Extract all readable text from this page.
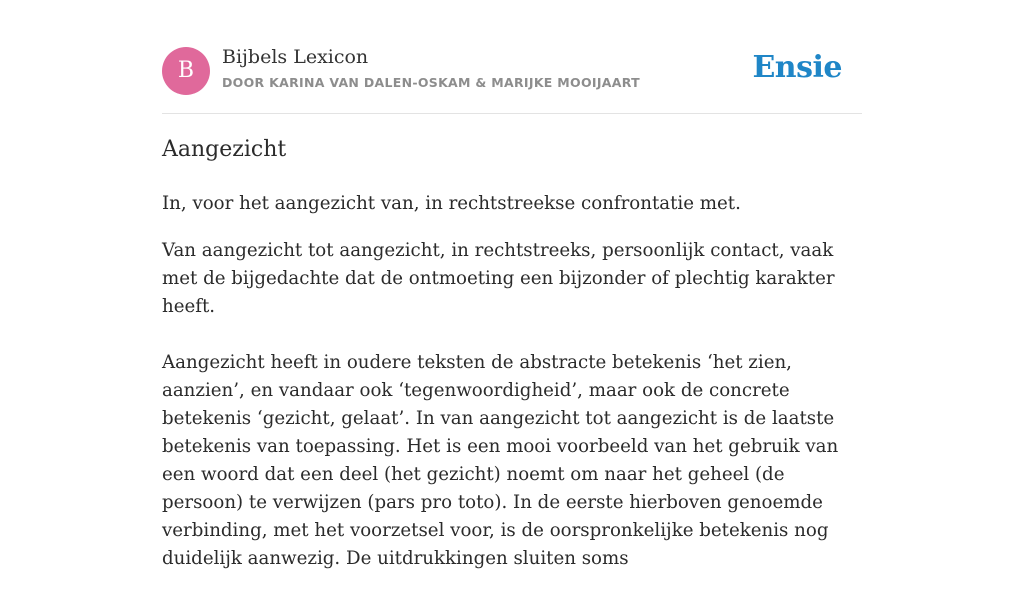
B
Bijbels Lexicon
DOOR KARINA VAN DALEN-OSKAM & MARIJKE MOOIJAART	Ensie
Aangezicht

In, voor het aangezicht van, in rechtstreekse confrontatie met.

Van aangezicht tot aangezicht, in rechtstreeks, persoonlijk contact, vaak met de bijgedachte dat de ontmoeting een bijzonder of plechtig karakter heeft.

Aangezicht heeft in oudere teksten de abstracte betekenis ‘het zien, aanzien’, en vandaar ook ‘tegenwoordigheid’, maar ook de concrete betekenis ‘gezicht, gelaat’. In van aangezicht tot aangezicht is de laatste betekenis van toepassing. Het is een mooi voorbeeld van het gebruik van een woord dat een deel (het gezicht) noemt om naar het geheel (de persoon) te verwijzen (pars pro toto). In de eerste hierboven genoemde verbinding, met het voorzetsel voor, is de oorspronkelijke betekenis nog duidelijk aanwezig. De uitdrukkingen sluiten soms
